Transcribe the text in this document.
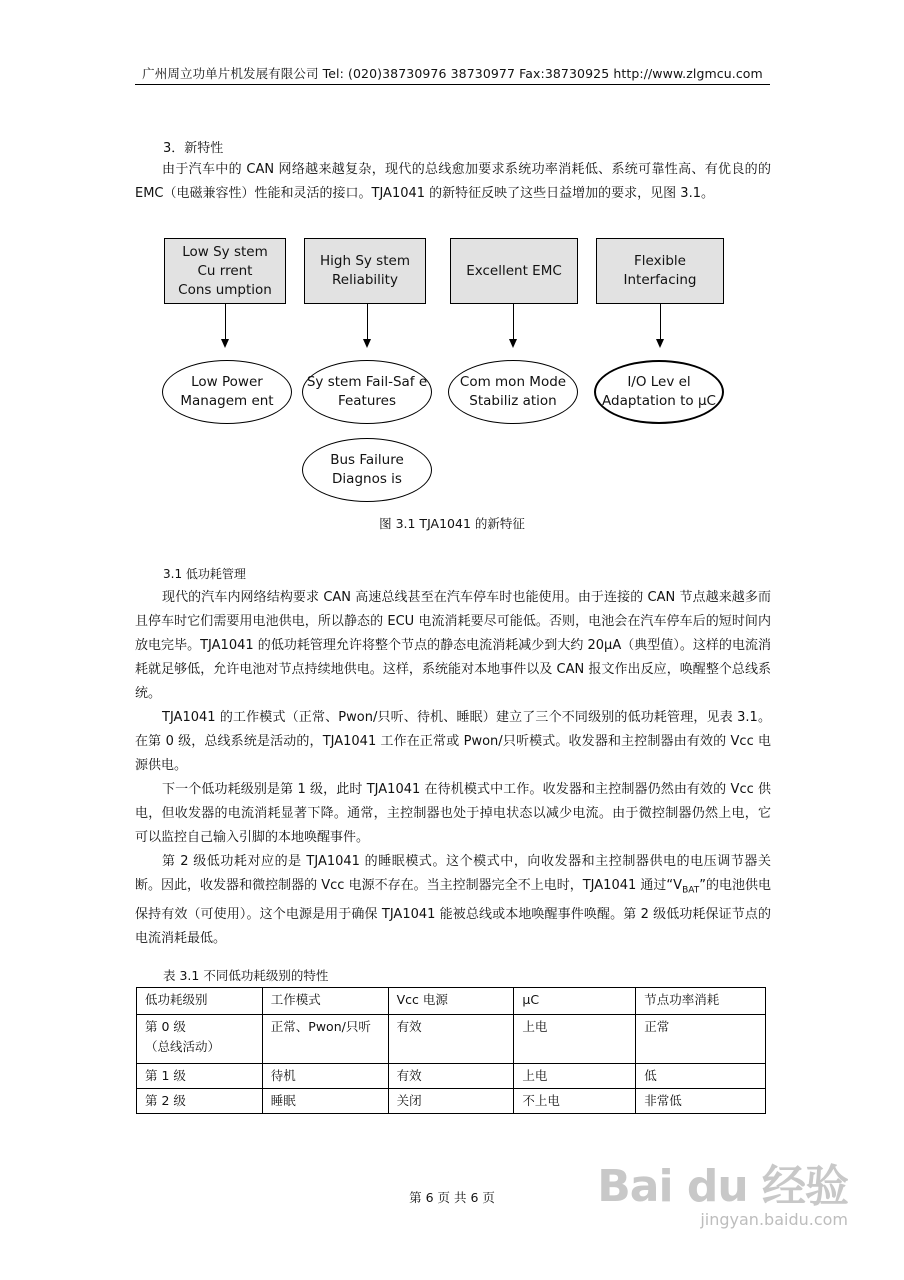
广州周立功单片机发展有限公司 Tel: (020)38730976 38730977 Fax:38730925 http://www.zlgmcu.com
3．新特性
由于汽车中的 CAN 网络越来越复杂，现代的总线愈加要求系统功率消耗低、系统可靠性高、有优良的的 EMC（电磁兼容性）性能和灵活的接口。TJA1041 的新特征反映了这些日益增加的要求，见图 3.1。
Low Sy stem
Cu rrent
Cons umption
High Sy stem
Reliability
Excellent EMC
Flexible
Interfacing
Low Power
Managem ent
Sy stem Fail-Saf e
Features
Com mon Mode
Stabiliz ation
I/O Lev el
Adaptation to μC
Bus Failure
Diagnos is
图 3.1 TJA1041 的新特征
3.1 低功耗管理
现代的汽车内网络结构要求 CAN 高速总线甚至在汽车停车时也能使用。由于连接的 CAN 节点越来越多而且停车时它们需要用电池供电，所以静态的 ECU 电流消耗要尽可能低。否则，电池会在汽车停车后的短时间内放电完毕。TJA1041 的低功耗管理允许将整个节点的静态电流消耗减少到大约 20μA（典型值）。这样的电流消耗就足够低，允许电池对节点持续地供电。这样，系统能对本地事件以及 CAN 报文作出反应，唤醒整个总线系统。
TJA1041 的工作模式（正常、Pwon/只听、待机、睡眠）建立了三个不同级别的低功耗管理，见表 3.1。在第 0 级，总线系统是活动的，TJA1041 工作在正常或 Pwon/只听模式。收发器和主控制器由有效的 Vcc 电源供电。
下一个低功耗级别是第 1 级，此时 TJA1041 在待机模式中工作。收发器和主控制器仍然由有效的 Vcc 供电，但收发器的电流消耗显著下降。通常，主控制器也处于掉电状态以减少电流。由于微控制器仍然上电，它可以监控自己输入引脚的本地唤醒事件。
第 2 级低功耗对应的是 TJA1041 的睡眠模式。这个模式中，向收发器和主控制器供电的电压调节器关断。因此，收发器和微控制器的 Vcc 电源不存在。当主控制器完全不上电时，TJA1041 通过“$V_{BAT}$”的电池供电保持有效（可使用）。这个电源是用于确保 TJA1041 能被总线或本地唤醒事件唤醒。第 2 级低功耗保证节点的电流消耗最低。
表 3.1 不同低功耗级别的特性
低功耗级别	工作模式	Vcc 电源	μC	节点功率消耗
第 0 级
（总线活动）	正常、Pwon/只听	有效	上电	正常
第 1 级	待机	有效	上电	低
第 2 级	睡眠	关闭	不上电	非常低
第 6 页 共 6 页	Bai du 经验
jingyan.baidu.com
